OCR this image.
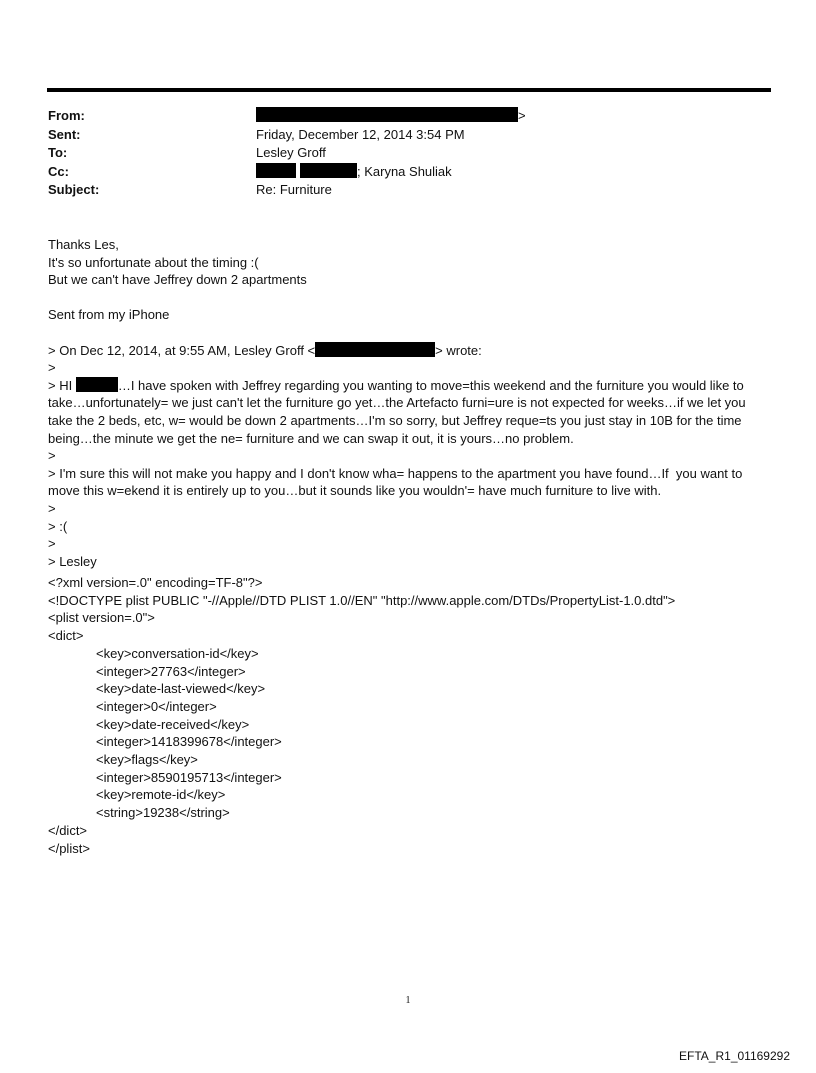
From:	>
Sent:	Friday, December 12, 2014 3:54 PM
To:	Lesley Groff
Cc:	; Karyna Shuliak
Subject:	Re: Furniture

Thanks Les,

It's so unfortunate about the timing :(

But we can't have Jeffrey down 2 apartments

Sent from my iPhone

> On Dec 12, 2014, at 9:55 AM, Lesley Groff <	> wrote:

>

> HI	…I have spoken with Jeffrey regarding you wanting to move=this weekend and the furniture you would like to take…unfortunately= we just can't let the furniture go yet…the Artefacto furni=ure is not expected for weeks…if we let you take the 2 beds, etc, w= would be down 2 apartments…I'm so sorry, but Jeffrey reque=ts you just stay in 10B for the time being…the minute we get the ne= furniture and we can swap it out, it is yours…no problem.

>

> I'm sure this will not make you happy and I don't know wha= happens to the apartment you have found…If  you want to move this w=ekend it is entirely up to you…but it sounds like you wouldn'= have much furniture to live with.

>

> :(

>

> Lesley

<?xml version=.0" encoding=TF-8"?>

<!DOCTYPE plist PUBLIC "-//Apple//DTD PLIST 1.0//EN" "http://www.apple.com/DTDs/PropertyList-1.0.dtd">

<plist version=.0">

<dict>

<key>conversation-id</key>

<integer>27763</integer>

<key>date-last-viewed</key>

<integer>0</integer>

<key>date-received</key>

<integer>1418399678</integer>

<key>flags</key>

<integer>8590195713</integer>

<key>remote-id</key>

<string>19238</string>

</dict>

</plist>

1
EFTA_R1_01169292
